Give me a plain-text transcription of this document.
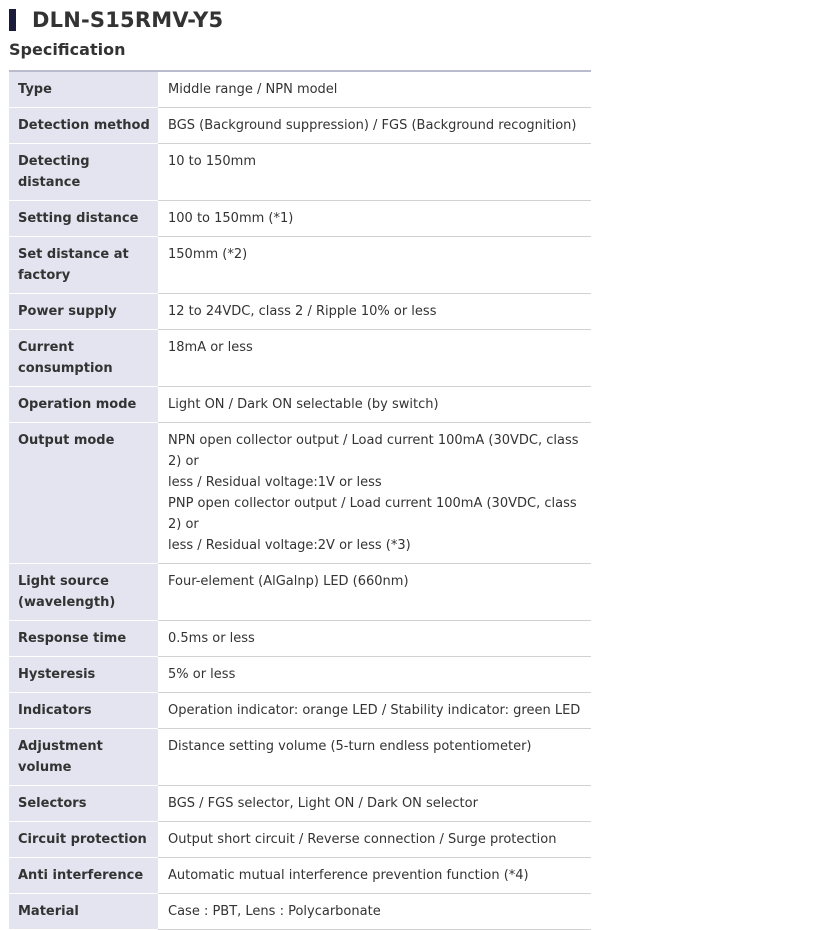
DLN-S15RMV-Y5
Specification
Type	Middle range / NPN model

Detection method	BGS (Background suppression) / FGS (Background recognition)

Detecting distance	10 to 150mm

Setting distance	100 to 150mm (*1)

Set distance at
factory	150mm (*2)

Power supply	12 to 24VDC, class 2 / Ripple 10% or less

Current consumption	18mA or less

Operation mode	Light ON / Dark ON selectable (by switch)

Output mode	NPN open collector output / Load current 100mA (30VDC, class 2) or
less / Residual voltage:1V or less
PNP open collector output / Load current 100mA (30VDC, class 2) or
less / Residual voltage:2V or less (*3)

Light source
(wavelength)	Four-element (AlGalnp) LED (660nm)

Response time	0.5ms or less

Hysteresis	5% or less

Indicators	Operation indicator: orange LED / Stability indicator: green LED

Adjustment volume	Distance setting volume (5-turn endless potentiometer)

Selectors	BGS / FGS selector, Light ON / Dark ON selector

Circuit protection	Output short circuit / Reverse connection / Surge protection

Anti interference	Automatic mutual interference prevention function (*4)

Material	Case : PBT, Lens : Polycarbonate
